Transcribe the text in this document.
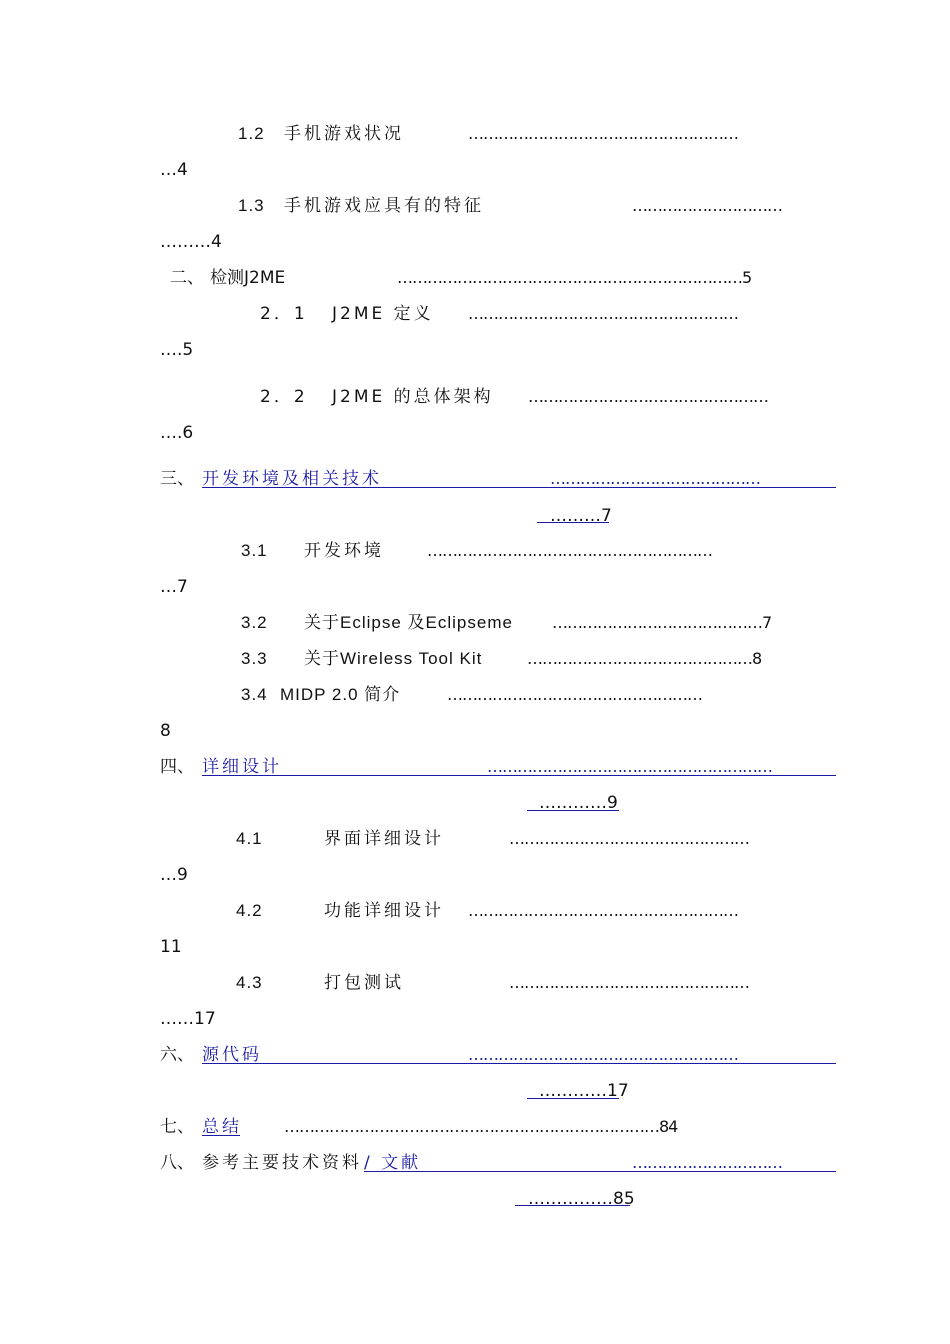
1.2 手机游戏状况	………………………………………………
…4
1.3 手机游戏应具有的特征	…………………………
………4
二、 检测J2ME	……………………………………………………………5
2．1 J2ME 定义 ………………………………………………
….5
2．2 J2ME 的总体架构 …………………………………………
….6
三、 开发环境及相关技术	……………………………………
………7
3.1 开发环境	…………………………………………………
…7
3.2 关于Eclipse 及Eclipseme ……………………………………7
3.3 关于Wireless Tool Kit	………………………………………8
3.4 MIDP 2.0 简介	……………………………………………
8
四、 详细设计	…………………………………………………
…………9
4.1	界面详细设计	…………………………………………
…9
4.2	功能详细设计 ………………………………………………
11
4.3	打包测试	…………………………………………
……17
六、 源代码	………………………………………………
…………17
七、 总结	…………………………………………………………………84
八、 参考主要技术资料 / 文献	…………………………
……………85
